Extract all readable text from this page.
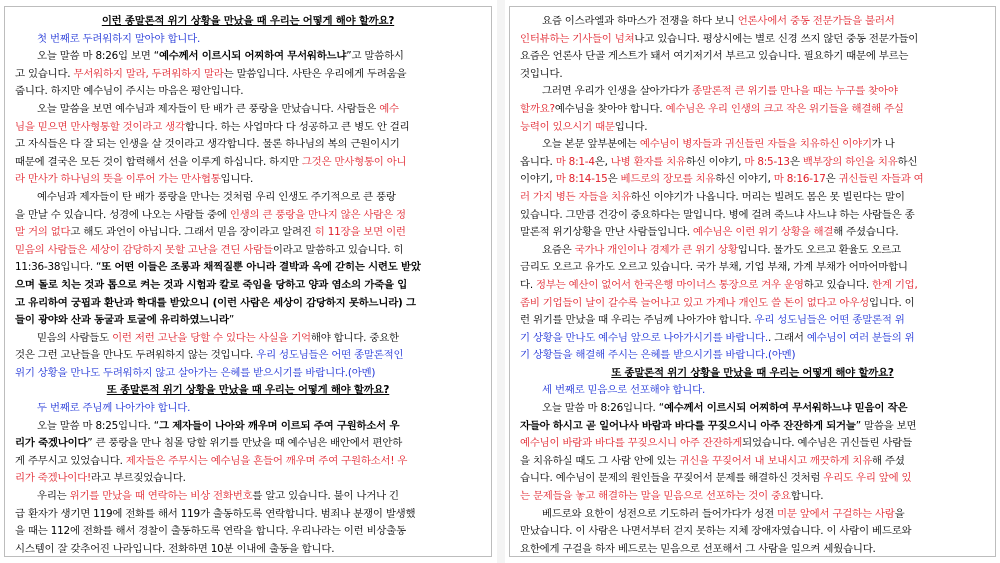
이런 종말론적 위기 상황을 만났을 때 우리는 어떻게 해야 할까요?
첫 번째로 두려워하지 말아야 합니다.
오늘 말씀 마 8:26입 보면 “예수께서 이르시되 어찌하여 무서워하느냐”고 말씀하시
고 있습니다. 무서워하지 말라, 두려워하지 말라는 말씀입니다. 사탄은 우리에게 두려움을
줍니다. 하지만 예수님이 주시는 마음은 평안입니다.
오늘 말씀을 보면 예수님과 제자들이 탄 배가 큰 풍랑을 만났습니다. 사람들은 예수
님을 믿으면 만사형통할 것이라고 생각합니다. 하는 사업마다 다 성공하고 큰 병도 안 걸리
고 자식들은 다 잘 되는 인생을 살 것이라고 생각합니다. 물론 하나님의 복의 근원이시기
때문에 결국은 모든 것이 합력해서 선을 이루게 하십니다. 하지만 그것은 만사형통이 아니
라 만사가 하나님의 뜻을 이루어 가는 만사협통입니다.
예수님과 제자들이 탄 배가 풍랑을 만나는 것처럼 우리 인생도 주기적으로 큰 풍랑
을 만날 수 있습니다. 성경에 나오는 사람들 중에 인생의 큰 풍랑을 만나지 않은 사람은 정
말 거의 없다고 해도 과언이 아닙니다. 그래서 믿음 장이라고 알려진 히 11장을 보면 이런
믿음의 사람들은 세상이 감당하지 못할 고난을 견딘 사람들이라고 말씀하고 있습니다. 히
11:36-38입니다. “또 어떤 이들은 조롱과 채찍질뿐 아니라 결박과 옥에 갇히는 시련도 받았
으며 돌로 치는 것과 톱으로 켜는 것과 시험과 칼로 죽임을 당하고 양과 염소의 가죽을 입
고 유리하여 궁핍과 환난과 학대를 받았으니 (이런 사람은 세상이 감당하지 못하느니라) 그
들이 광야와 산과 동굴과 토굴에 유리하였느니라”
믿음의 사람들도 이런 저런 고난을 당할 수 있다는 사실을 기억해야 합니다. 중요한
것은 그런 고난들을 만나도 두려워하지 않는 것입니다. 우리 성도님들은 어떤 종말론적인
위기 상황을 만나도 두려워하지 않고 살아가는 은혜를 받으시기를 바랍니다.(아멘)
또 종말론적 위기 상황을 만났을 때 우리는 어떻게 해야 할까요?
두 번째로 주님께 나아가야 합니다.
오늘 말씀 마 8:25입니다. “그 제자들이 나아와 깨우며 이르되 주여 구원하소서 우
리가 죽겠나이다” 큰 풍랑을 만나 침몰 당할 위기를 만났을 때 예수님은 배안에서 편안하
게 주무시고 있었습니다. 제자들은 주무시는 예수님을 흔들어 깨우며 주여 구원하소서! 우
리가 죽겠나이다!라고 부르짖었습니다.
우리는 위기를 만났을 때 연락하는 비상 전화번호를 알고 있습니다. 불이 나거나 긴
급 환자가 생기면 119에 전화를 해서 119가 출동하도록 연락합니다. 범죄나 분쟁이 발생했
을 때는 112에 전화를 해서 경찰이 출동하도록 연락을 합니다. 우리나라는 이런 비상출동
시스템이 잘 갖추어진 나라입니다. 전화하면 10분 이내에 출동을 합니다.
요즘 이스라엘과 하마스가 전쟁을 하다 보니 언론사에서 중동 전문가들을 불러서
인터뷰하는 기사들이 넘쳐나고 있습니다. 평상시에는 별로 신경 쓰지 않던 중동 전문가들이
요즘은 언론사 단골 게스트가 돼서 여기저기서 부르고 있습니다. 필요하기 때문에 부르는
것입니다.
그러면 우리가 인생을 살아가다가 종말론적 큰 위기를 만나을 때는 누구를 찾아야
할까요?예수님을 찾아야 합니다. 예수님은 우리 인생의 크고 작은 위기들을 해결해 주실
능력이 있으시기 때문입니다.
오늘 본문 앞부분에는 예수님이 병자들과 귀신들린 자들을 치유하신 이야기가 나
옵니다. 마 8:1-4은, 나병 환자를 치유하신 이야기, 마 8:5-13은 백부장의 하인을 치유하신
이야기, 마 8:14-15은 베드로의 장모를 치유하신 이야기, 마 8:16-17은 귀신들린 자들과 여
러 가지 병든 자들을 치유하신 이야기가 나옵니다. 머리는 빌려도 몸은 못 빌린다는 말이
있습니다. 그만큼 건강이 중요하다는 말입니다. 병에 걸려 죽느냐 사느냐 하는 사람들은 종
말론적 위기상황을 만난 사람들입니다. 예수님은 이런 위기 상황을 해결해 주셨습니다.
요즘은 국가나 개인이나 경제가 큰 위기 상황입니다. 물가도 오르고 환율도 오르고
금리도 오르고 유가도 오르고 있습니다. 국가 부채, 기업 부채, 가계 부채가 어마어마합니
다. 정부는 예산이 없어서 한국은행 마이너스 통장으로 겨우 운영하고 있습니다. 한계 기업,
좀비 기업들이 날이 갈수록 늘어나고 있고 가계나 개인도 쓸 돈이 없다고 아우성입니다. 이
런 위기를 만났을 때 우리는 주님께 나아가야 합니다. 우리 성도님들은 어떤 종말론적 위
기 상황을 만나도 예수님 앞으로 나아가시기를 바랍니다.. 그래서 예수님이 여러 분들의 위
기 상황들을 해결해 주시는 은혜를 받으시기를 바랍니다.(아멘)
또 종말론적 위기 상황을 만났을 때 우리는 어떻게 해야 할까요?
세 번째로 믿음으로 선포해야 합니다.
오늘 말씀 마 8:26입니다. “예수께서 이르시되 어찌하여 무서워하느냐 믿음이 작은
자들아 하시고 곧 일어나사 바람과 바다를 꾸짖으시니 아주 잔잔하게 되거늘” 말씀을 보면
예수님이 바람과 바다를 꾸짖으시니 아주 잔잔하게되었습니다. 예수님은 귀신들린 사람들
을 치유하실 때도 그 사람 안에 있는 귀신을 꾸짖어서 내 보내시고 깨끗하게 치유해 주셨
습니다. 예수님이 문제의 원인들을 꾸짖어서 문제를 해결하신 것처럼 우리도 우리 앞에 있
는 문제들을 놓고 해결하는 말을 믿음으로 선포하는 것이 중요합니다.
베드로와 요한이 성전으로 기도하러 들어가다가 성전 미문 앞에서 구걸하는 사람을
만났습니다. 이 사람은 나면서부터 걷지 못하는 지체 장애자였습니다. 이 사람이 베드로와
요한에게 구걸을 하자 베드로는 믿음으로 선포해서 그 사람을 일으켜 세웠습니다.
